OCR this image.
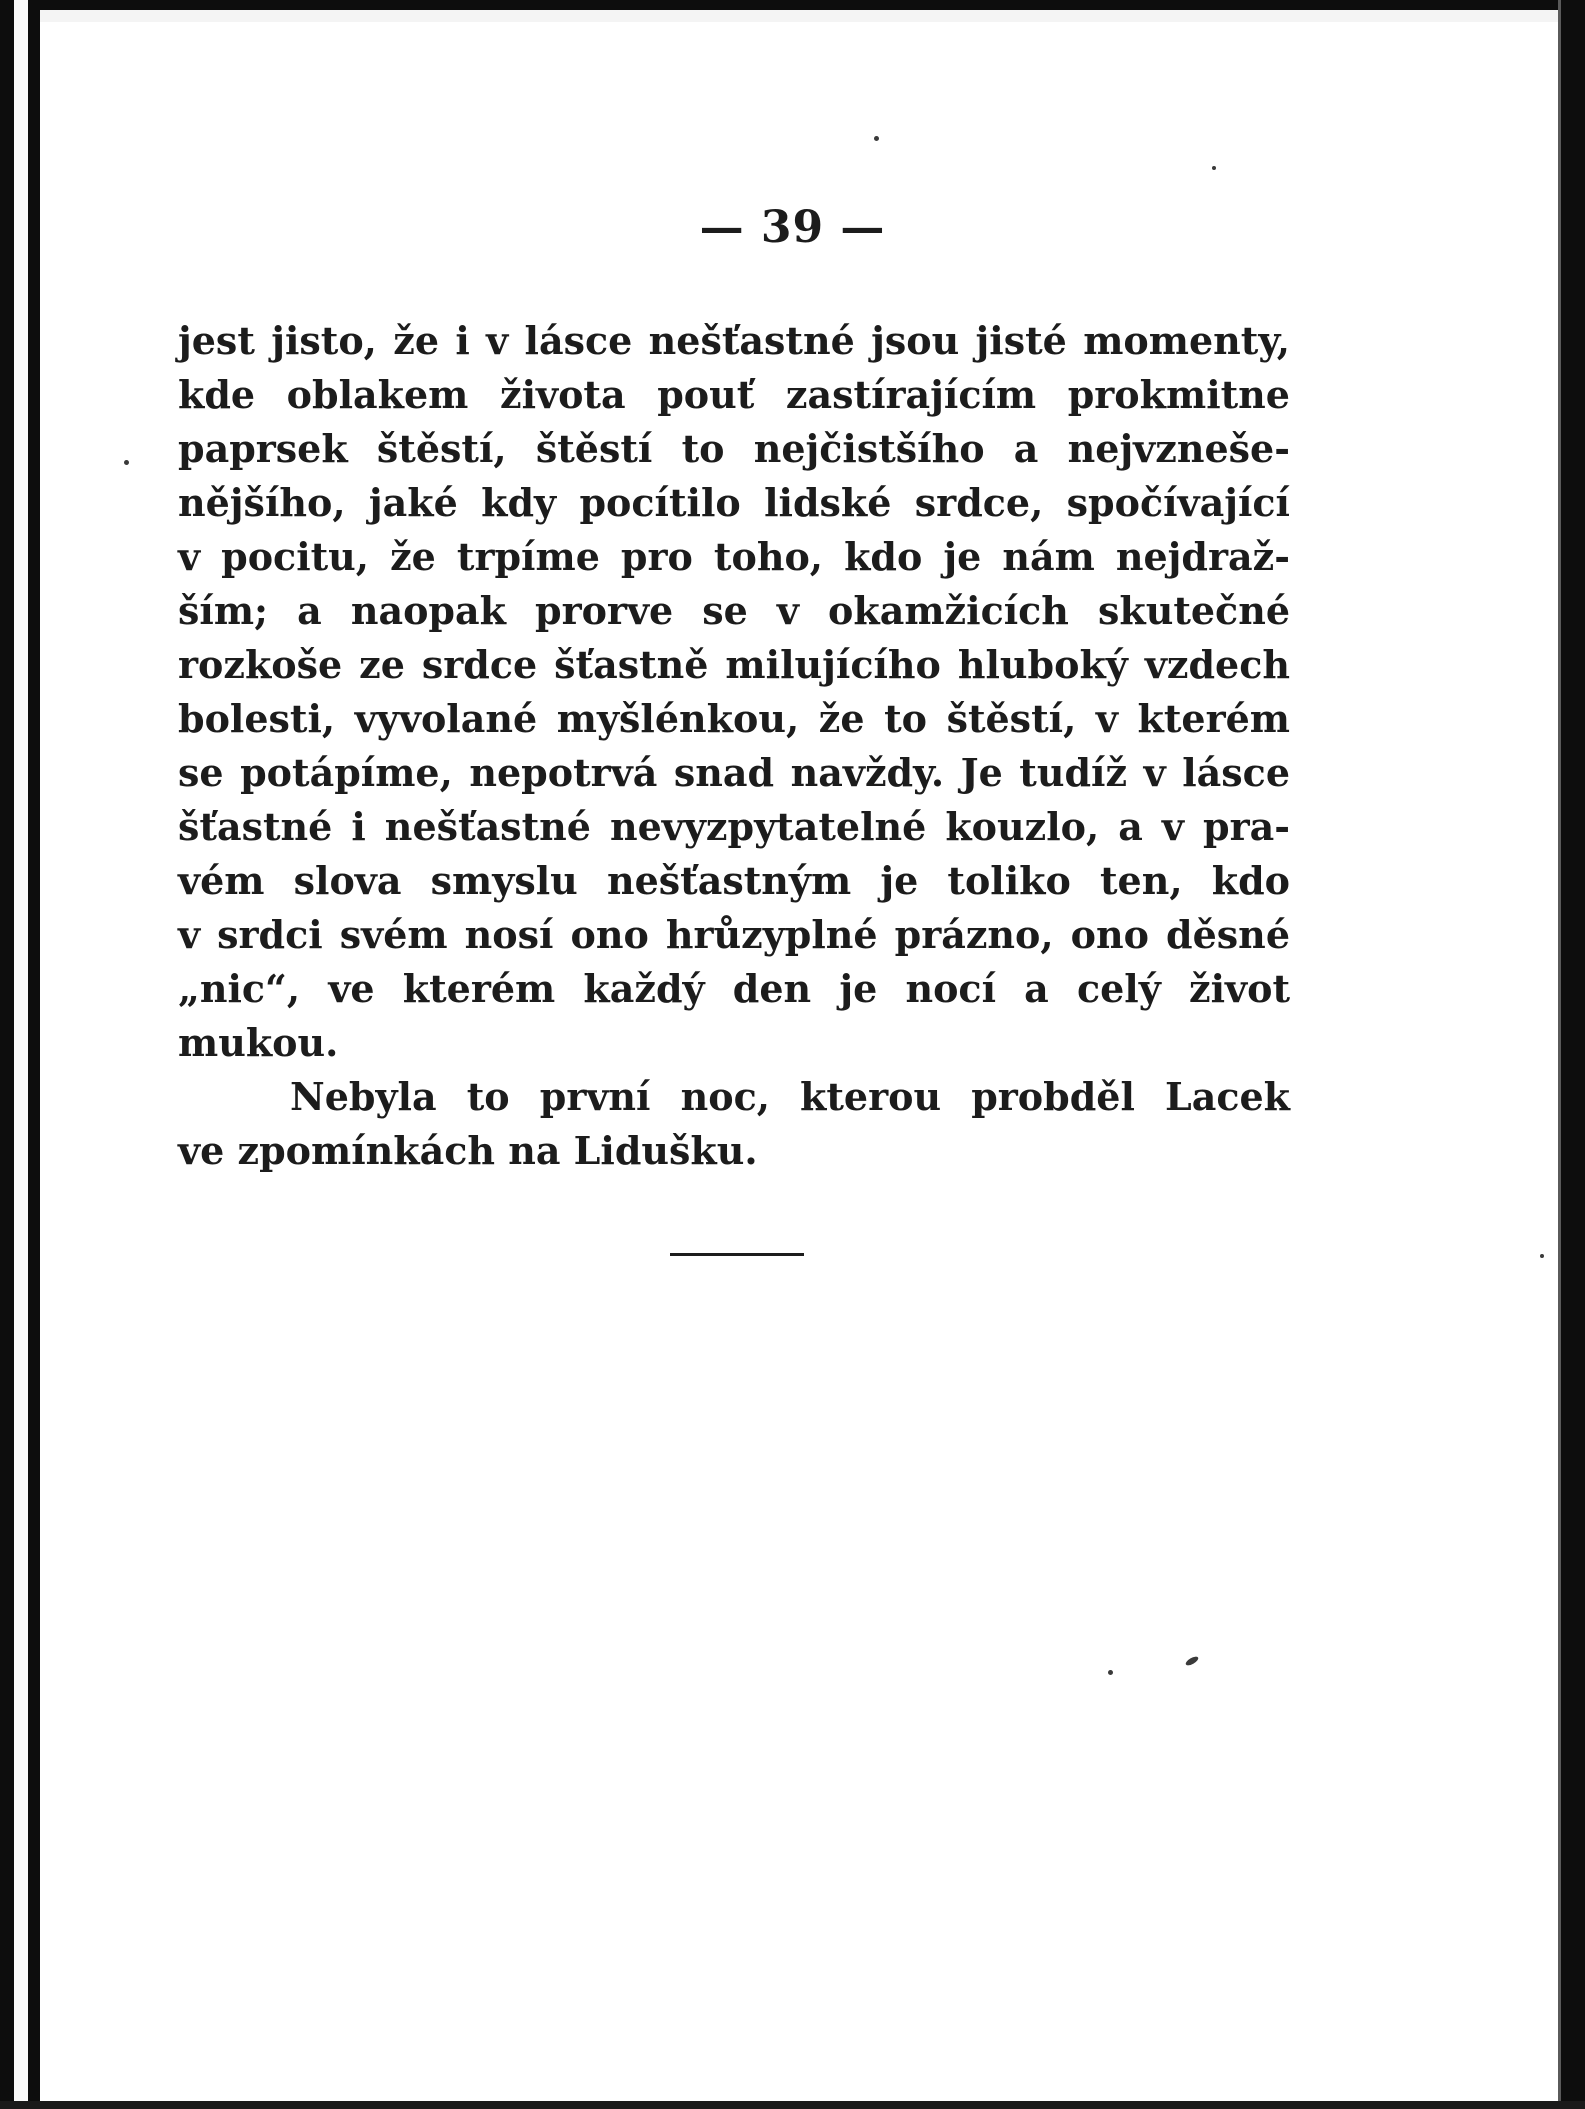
— 39 —
jest jisto, že i v lásce nešťastné jsou jisté momenty,
kde oblakem života pouť zastírajícím prokmitne
paprsek štěstí, štěstí to nejčistšího a nejvzneše-
nějšího, jaké kdy pocítilo lidské srdce, spočívající
v pocitu, že trpíme pro toho, kdo je nám nejdraž-
ším; a naopak prorve se v okamžicích skutečné
rozkoše ze srdce šťastně milujícího hluboký vzdech
bolesti, vyvolané myšlénkou, že to štěstí, v kterém
se potápíme, nepotrvá snad navždy. Je tudíž v lásce
šťastné i nešťastné nevyzpytatelné kouzlo, a v pra-
vém slova smyslu nešťastným je toliko ten, kdo
v srdci svém nosí ono hrůzyplné prázno, ono děsné
„nic“, ve kterém každý den je nocí a celý život
mukou.
Nebyla to první noc, kterou probděl Lacek
ve zpomínkách na Lidušku.
